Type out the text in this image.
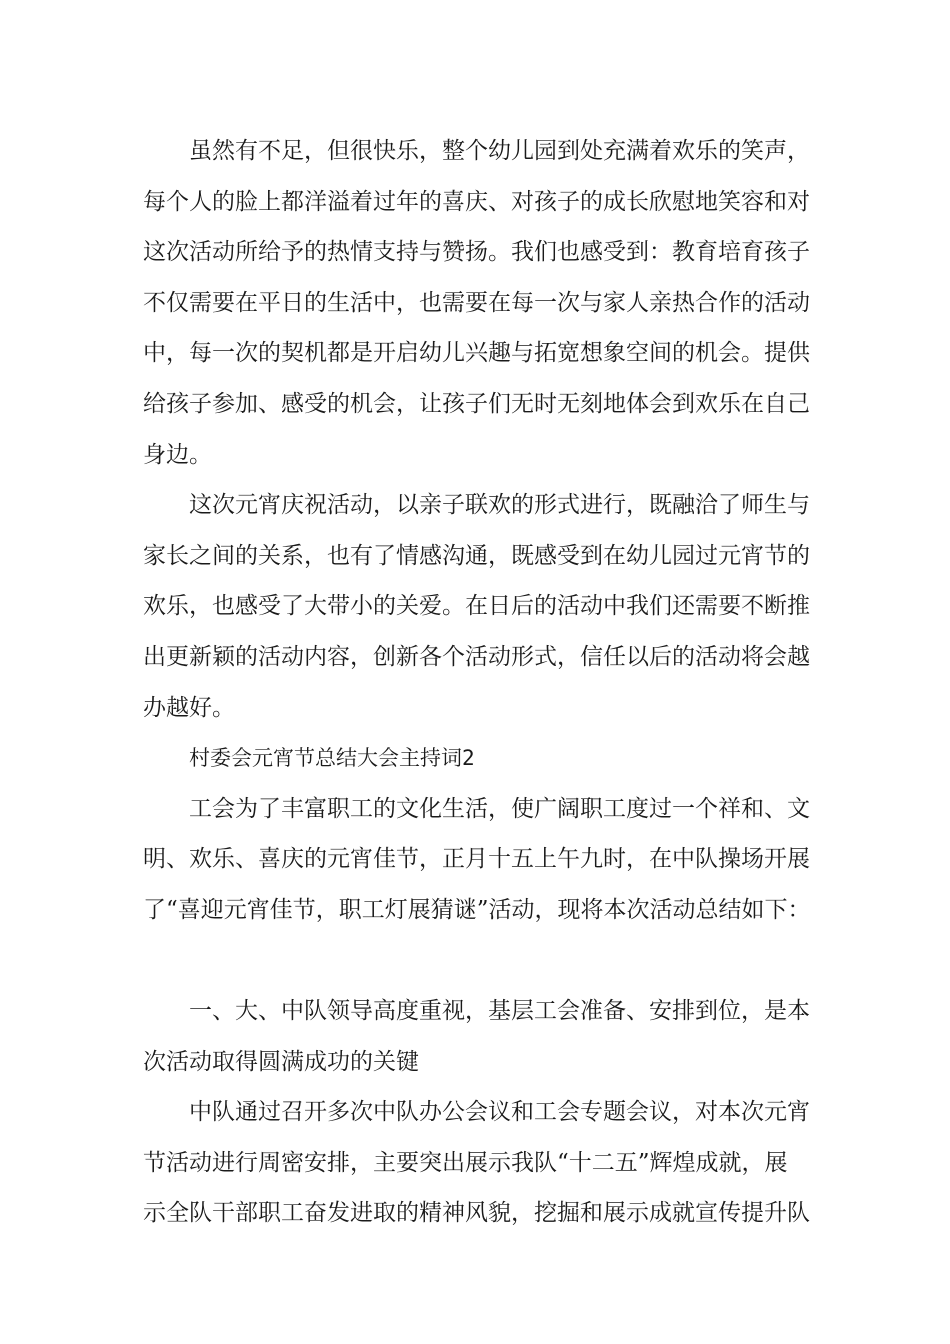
虽然有不足，但很快乐，整个幼儿园到处充满着欢乐的笑声，
每个人的脸上都洋溢着过年的喜庆、对孩子的成长欣慰地笑容和对
这次活动所给予的热情支持与赞扬。我们也感受到：教育培育孩子
不仅需要在平日的生活中，也需要在每一次与家人亲热合作的活动
中，每一次的契机都是开启幼儿兴趣与拓宽想象空间的机会。提供
给孩子参加、感受的机会，让孩子们无时无刻地体会到欢乐在自己
身边。
这次元宵庆祝活动，以亲子联欢的形式进行，既融洽了师生与
家长之间的关系，也有了情感沟通，既感受到在幼儿园过元宵节的
欢乐，也感受了大带小的关爱。在日后的活动中我们还需要不断推
出更新颖的活动内容，创新各个活动形式，信任以后的活动将会越
办越好。
村委会元宵节总结大会主持词2
工会为了丰富职工的文化生活，使广阔职工度过一个祥和、文
明、欢乐、喜庆的元宵佳节，正月十五上午九时，在中队操场开展
了“喜迎元宵佳节，职工灯展猜谜”活动，现将本次活动总结如下：
一、大、中队领导高度重视，基层工会准备、安排到位，是本
次活动取得圆满成功的关键
中队通过召开多次中队办公会议和工会专题会议，对本次元宵
节活动进行周密安排，主要突出展示我队“十二五”辉煌成就，展
示全队干部职工奋发进取的精神风貌，挖掘和展示成就宣传提升队
